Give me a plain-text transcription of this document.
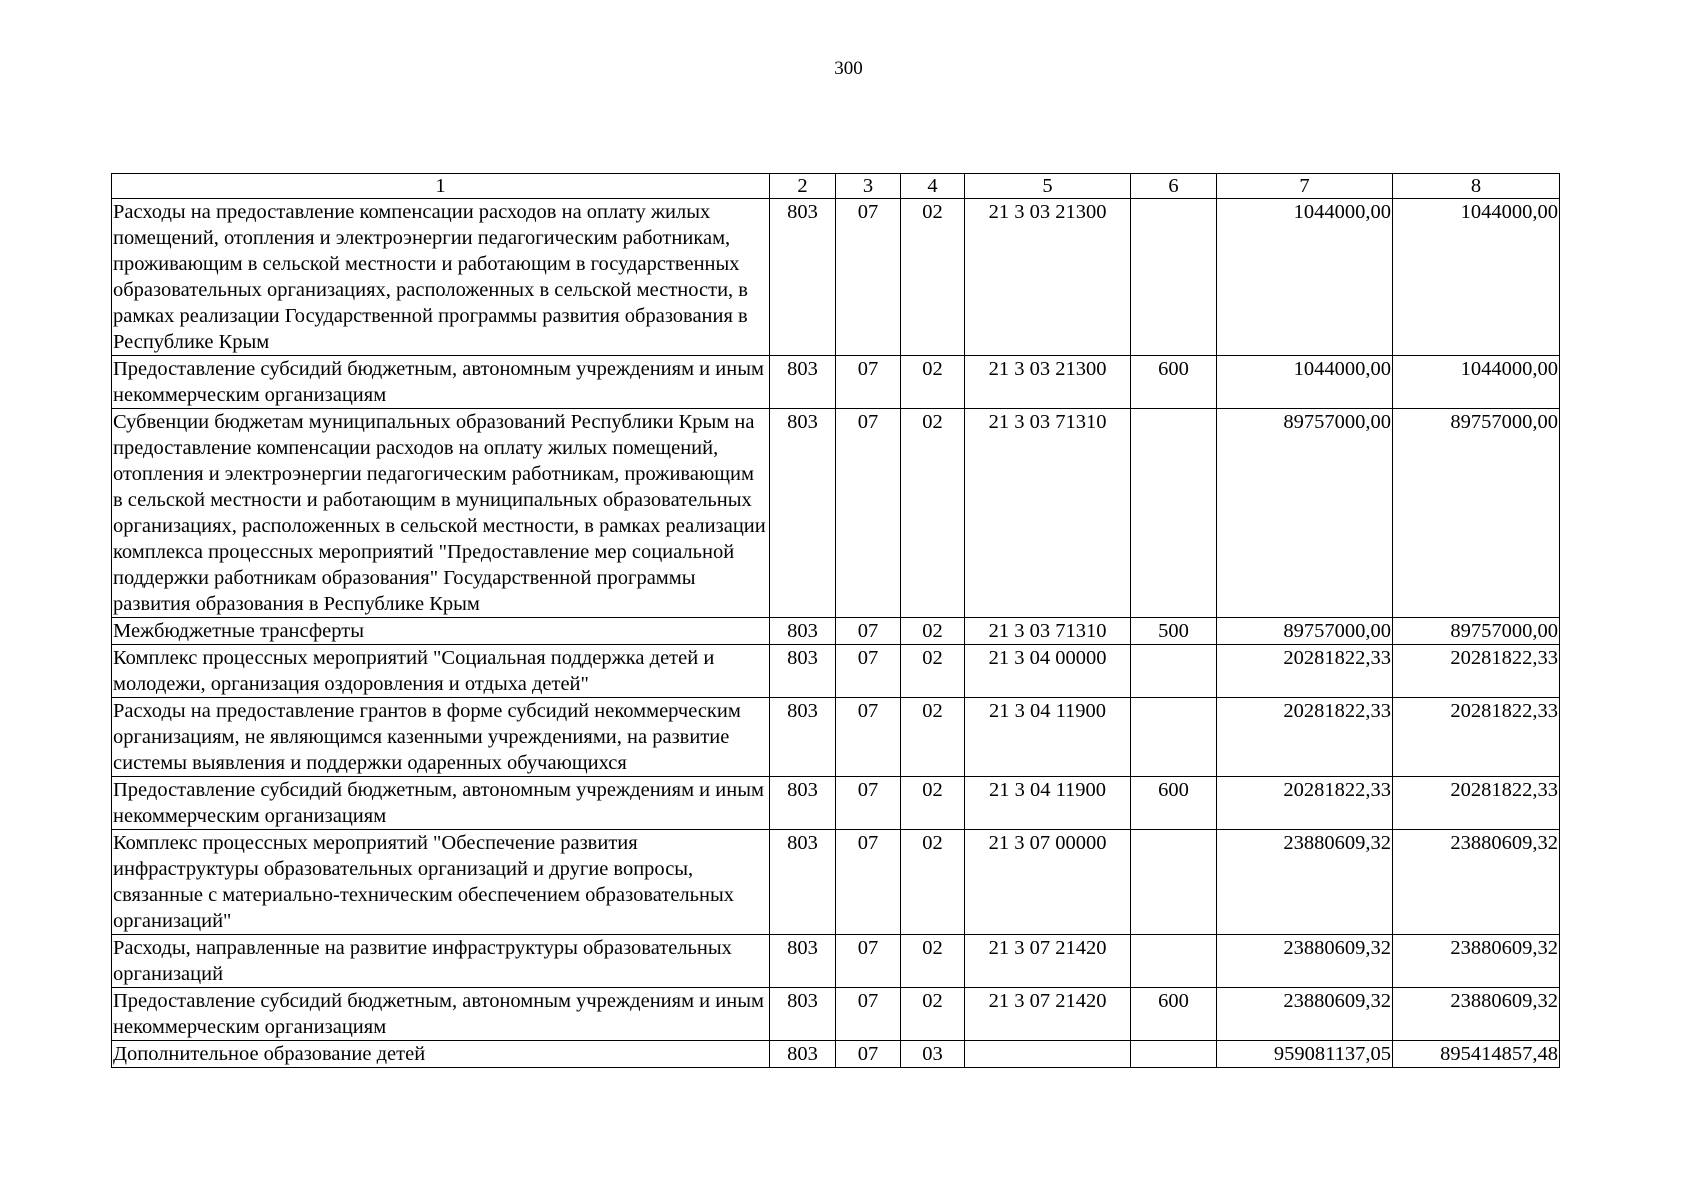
300
1	2	3	4	5	6	7	8
Расходы на предоставление компенсации расходов на оплату жилых помещений, отопления и электроэнергии педагогическим работникам, проживающим в сельской местности и работающим в государственных образовательных организациях, расположенных в сельской местности, в рамках реализации Государственной программы развития образования в Республике Крым	803	07	02	21 3 03 21300		1044000,00	1044000,00
Предоставление субсидий бюджетным, автономным учреждениям и иным некоммерческим организациям	803	07	02	21 3 03 21300	600	1044000,00	1044000,00
Субвенции бюджетам муниципальных образований Республики Крым на предоставление компенсации расходов на оплату жилых помещений, отопления и электроэнергии педагогическим работникам, проживающим в сельской местности и работающим в муниципальных образовательных организациях, расположенных в сельской местности, в рамках реализации комплекса процессных мероприятий "Предоставление мер социальной поддержки работникам образования" Государственной программы развития образования в Республике Крым	803	07	02	21 3 03 71310		89757000,00	89757000,00
Межбюджетные трансферты	803	07	02	21 3 03 71310	500	89757000,00	89757000,00
Комплекс процессных мероприятий "Социальная поддержка детей и молодежи, организация оздоровления и отдыха детей"	803	07	02	21 3 04 00000		20281822,33	20281822,33
Расходы на предоставление грантов в форме субсидий некоммерческим организациям, не являющимся казенными учреждениями, на развитие системы выявления и поддержки одаренных обучающихся	803	07	02	21 3 04 11900		20281822,33	20281822,33
Предоставление субсидий бюджетным, автономным учреждениям и иным некоммерческим организациям	803	07	02	21 3 04 11900	600	20281822,33	20281822,33
Комплекс процессных мероприятий "Обеспечение развития инфраструктуры образовательных организаций и другие вопросы, связанные с материально-техническим обеспечением образовательных организаций"	803	07	02	21 3 07 00000		23880609,32	23880609,32
Расходы, направленные на развитие инфраструктуры образовательных организаций	803	07	02	21 3 07 21420		23880609,32	23880609,32
Предоставление субсидий бюджетным, автономным учреждениям и иным некоммерческим организациям	803	07	02	21 3 07 21420	600	23880609,32	23880609,32
Дополнительное образование детей	803	07	03			959081137,05	895414857,48
